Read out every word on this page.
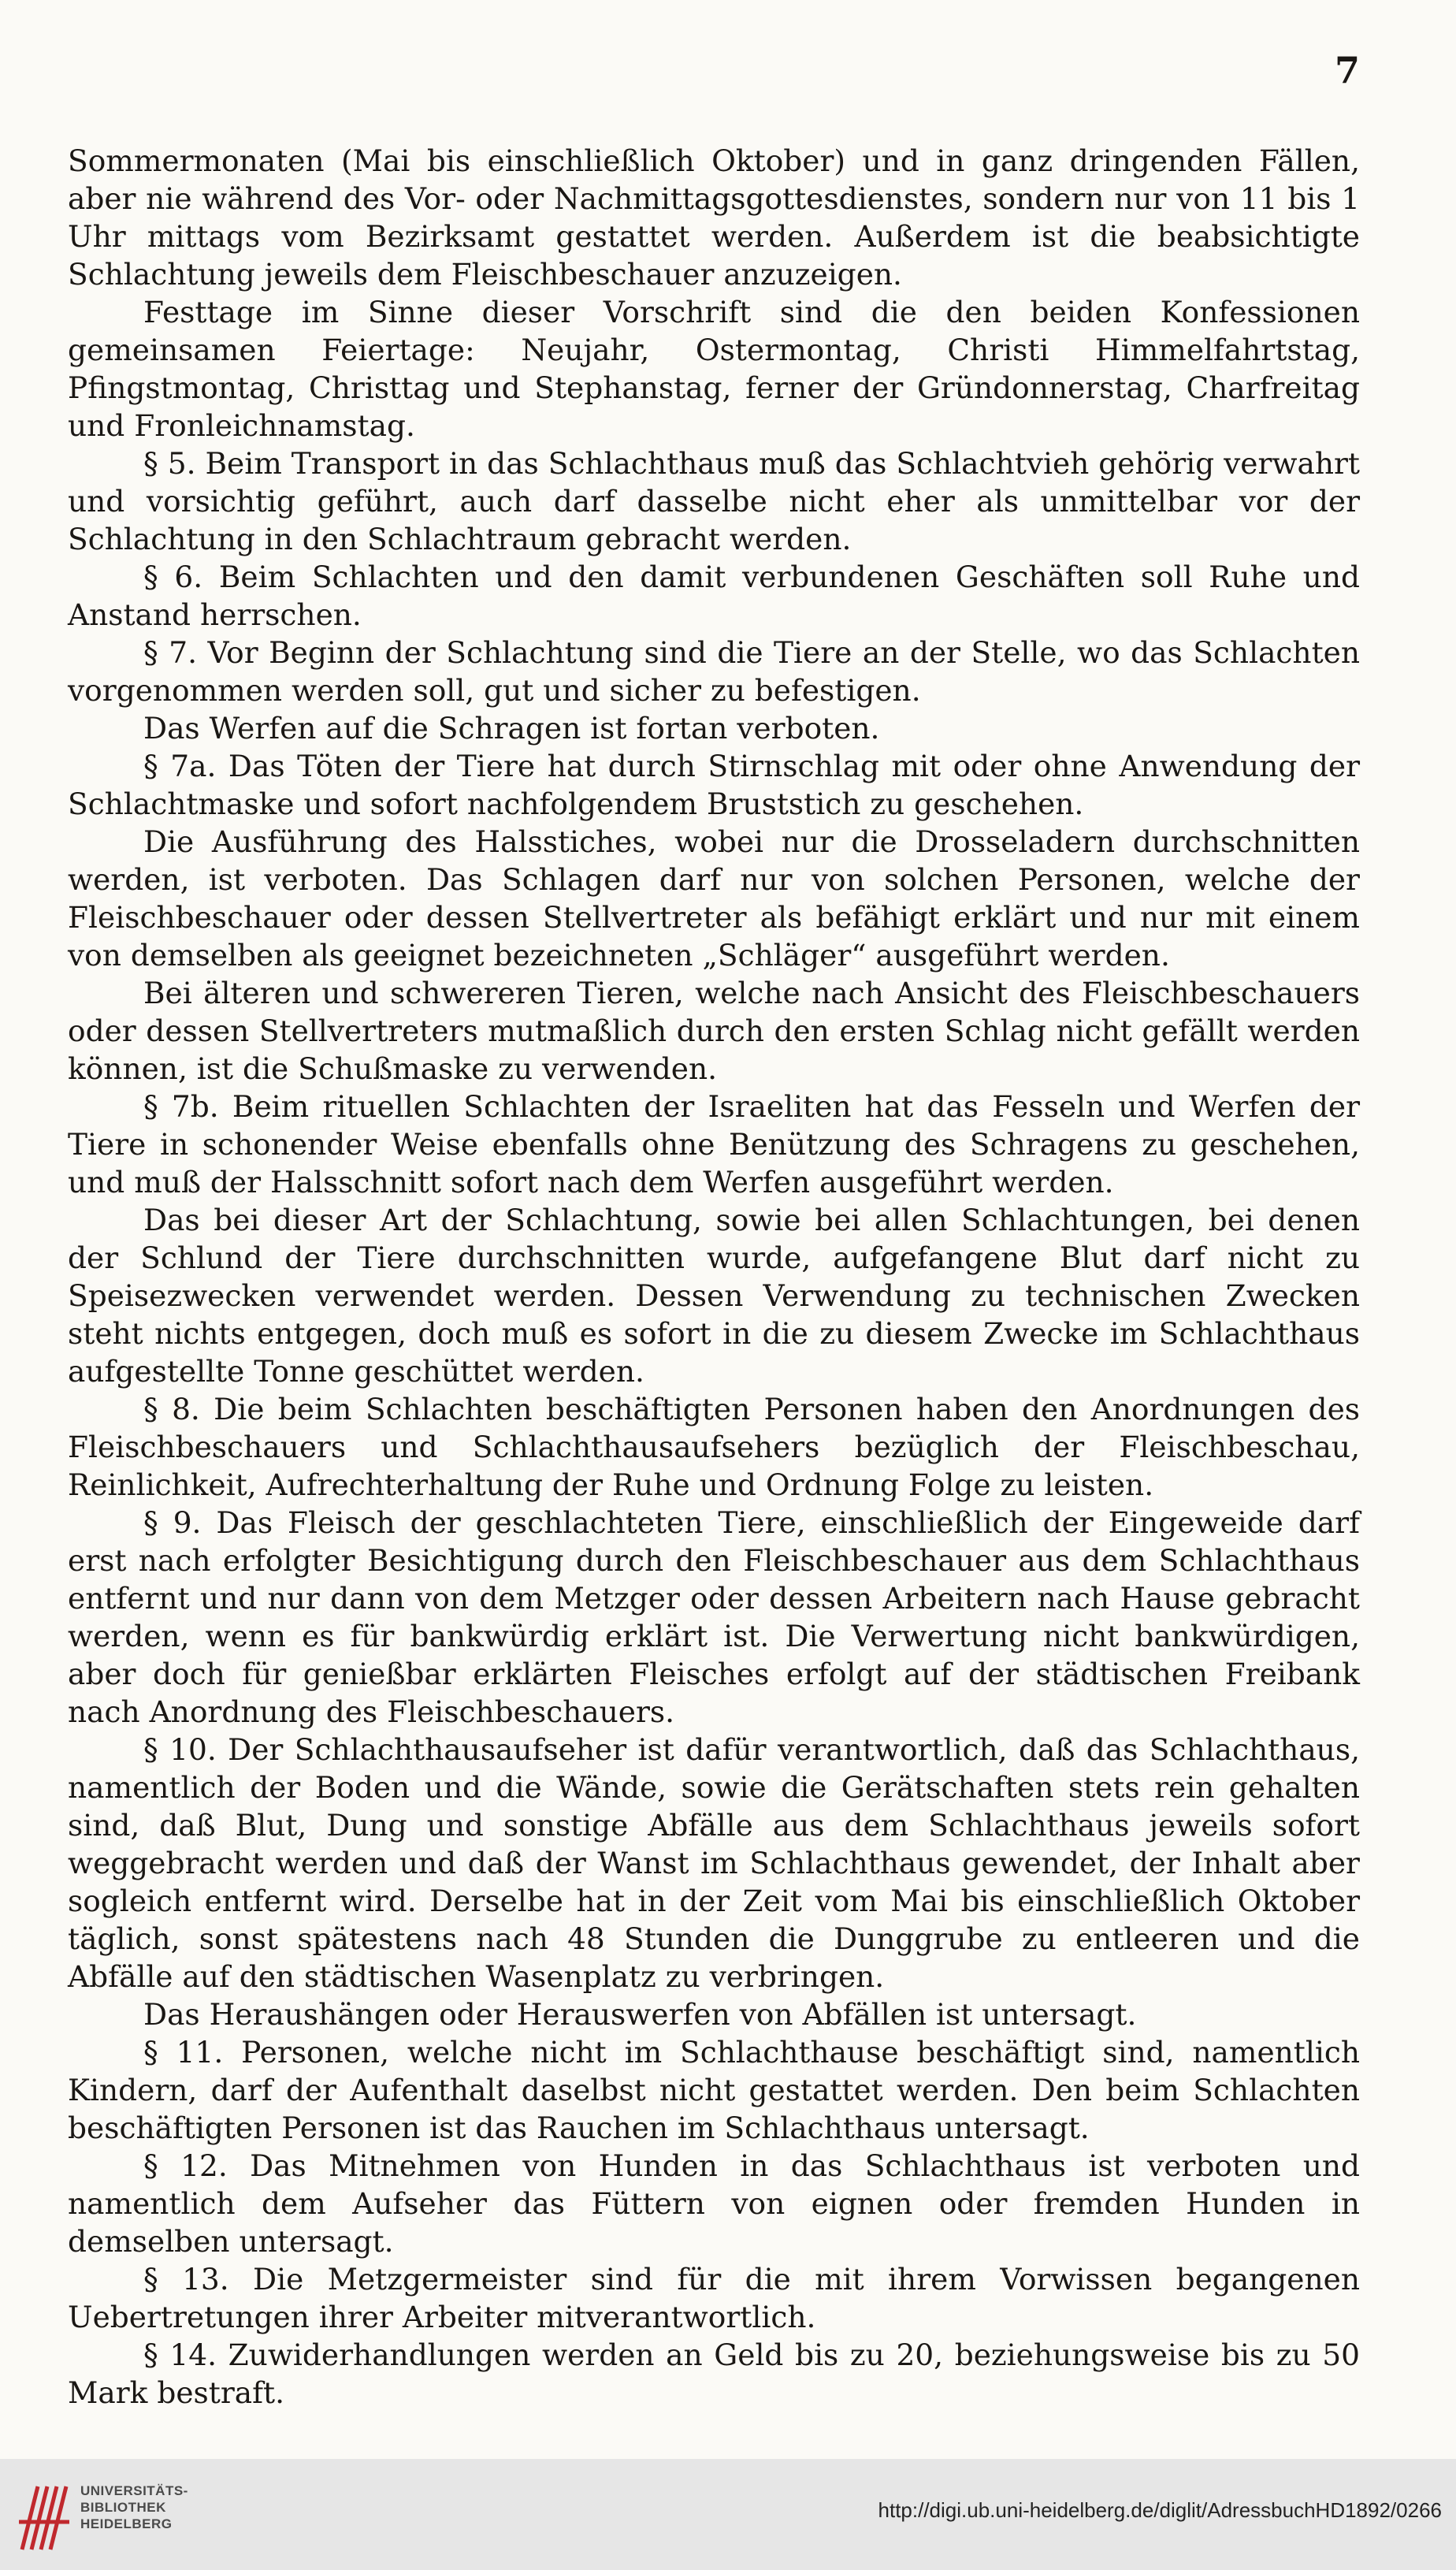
7

Sommermonaten (Mai bis einschließlich Oktober) und in ganz dringenden Fällen, aber nie während des Vor- oder Nachmittagsgottesdienstes, sondern nur von 11 bis 1 Uhr mittags vom Bezirksamt gestattet werden. Außerdem ist die beabsichtigte Schlachtung jeweils dem Fleischbeschauer anzuzeigen.

Festtage im Sinne dieser Vorschrift sind die den beiden Konfessionen gemeinsamen Feiertage: Neujahr, Ostermontag, Christi Himmelfahrtstag, Pfingstmontag, Christtag und Stephanstag, ferner der Gründonnerstag, Charfreitag und Fronleichnamstag.

§ 5. Beim Transport in das Schlachthaus muß das Schlachtvieh gehörig verwahrt und vorsichtig geführt, auch darf dasselbe nicht eher als unmittelbar vor der Schlachtung in den Schlachtraum gebracht werden.

§ 6. Beim Schlachten und den damit verbundenen Geschäften soll Ruhe und Anstand herrschen.

§ 7. Vor Beginn der Schlachtung sind die Tiere an der Stelle, wo das Schlachten vorgenommen werden soll, gut und sicher zu befestigen.

Das Werfen auf die Schragen ist fortan verboten.

§ 7a. Das Töten der Tiere hat durch Stirnschlag mit oder ohne Anwendung der Schlachtmaske und sofort nachfolgendem Bruststich zu geschehen.

Die Ausführung des Halsstiches, wobei nur die Drosseladern durchschnitten werden, ist verboten. Das Schlagen darf nur von solchen Personen, welche der Fleischbeschauer oder dessen Stellvertreter als befähigt erklärt und nur mit einem von demselben als geeignet bezeichneten „Schläger“ ausgeführt werden.

Bei älteren und schwereren Tieren, welche nach Ansicht des Fleischbeschauers oder dessen Stellvertreters mutmaßlich durch den ersten Schlag nicht gefällt werden können, ist die Schußmaske zu verwenden.

§ 7b. Beim rituellen Schlachten der Israeliten hat das Fesseln und Werfen der Tiere in schonender Weise ebenfalls ohne Benützung des Schragens zu geschehen, und muß der Halsschnitt sofort nach dem Werfen ausgeführt werden.

Das bei dieser Art der Schlachtung, sowie bei allen Schlachtungen, bei denen der Schlund der Tiere durchschnitten wurde, aufgefangene Blut darf nicht zu Speisezwecken verwendet werden. Dessen Verwendung zu technischen Zwecken steht nichts entgegen, doch muß es sofort in die zu diesem Zwecke im Schlachthaus aufgestellte Tonne geschüttet werden.

§ 8. Die beim Schlachten beschäftigten Personen haben den Anordnungen des Fleischbeschauers und Schlachthausaufsehers bezüglich der Fleischbeschau, Reinlichkeit, Aufrechterhaltung der Ruhe und Ordnung Folge zu leisten.

§ 9. Das Fleisch der geschlachteten Tiere, einschließlich der Eingeweide darf erst nach erfolgter Besichtigung durch den Fleischbeschauer aus dem Schlachthaus entfernt und nur dann von dem Metzger oder dessen Arbeitern nach Hause gebracht werden, wenn es für bankwürdig erklärt ist. Die Verwertung nicht bankwürdigen, aber doch für genießbar erklärten Fleisches erfolgt auf der städtischen Freibank nach Anordnung des Fleischbeschauers.

§ 10. Der Schlachthausaufseher ist dafür verantwortlich, daß das Schlachthaus, namentlich der Boden und die Wände, sowie die Gerätschaften stets rein gehalten sind, daß Blut, Dung und sonstige Abfälle aus dem Schlachthaus jeweils sofort weggebracht werden und daß der Wanst im Schlachthaus gewendet, der Inhalt aber sogleich entfernt wird. Derselbe hat in der Zeit vom Mai bis einschließlich Oktober täglich, sonst spätestens nach 48 Stunden die Dunggrube zu entleeren und die Abfälle auf den städtischen Wasenplatz zu verbringen.

Das Heraushängen oder Herauswerfen von Abfällen ist untersagt.

§ 11. Personen, welche nicht im Schlachthause beschäftigt sind, namentlich Kindern, darf der Aufenthalt daselbst nicht gestattet werden. Den beim Schlachten beschäftigten Personen ist das Rauchen im Schlachthaus untersagt.

§ 12. Das Mitnehmen von Hunden in das Schlachthaus ist verboten und namentlich dem Aufseher das Füttern von eignen oder fremden Hunden in demselben untersagt.

§ 13. Die Metzgermeister sind für die mit ihrem Vorwissen begangenen Uebertretungen ihrer Arbeiter mitverantwortlich.

§ 14. Zuwiderhandlungen werden an Geld bis zu 20, beziehungsweise bis zu 50 Mark bestraft.

UNIVERSITÄTS-
BIBLIOTHEK
HEIDELBERG
http://digi.ub.uni-heidelberg.de/diglit/AdressbuchHD1892/0266
